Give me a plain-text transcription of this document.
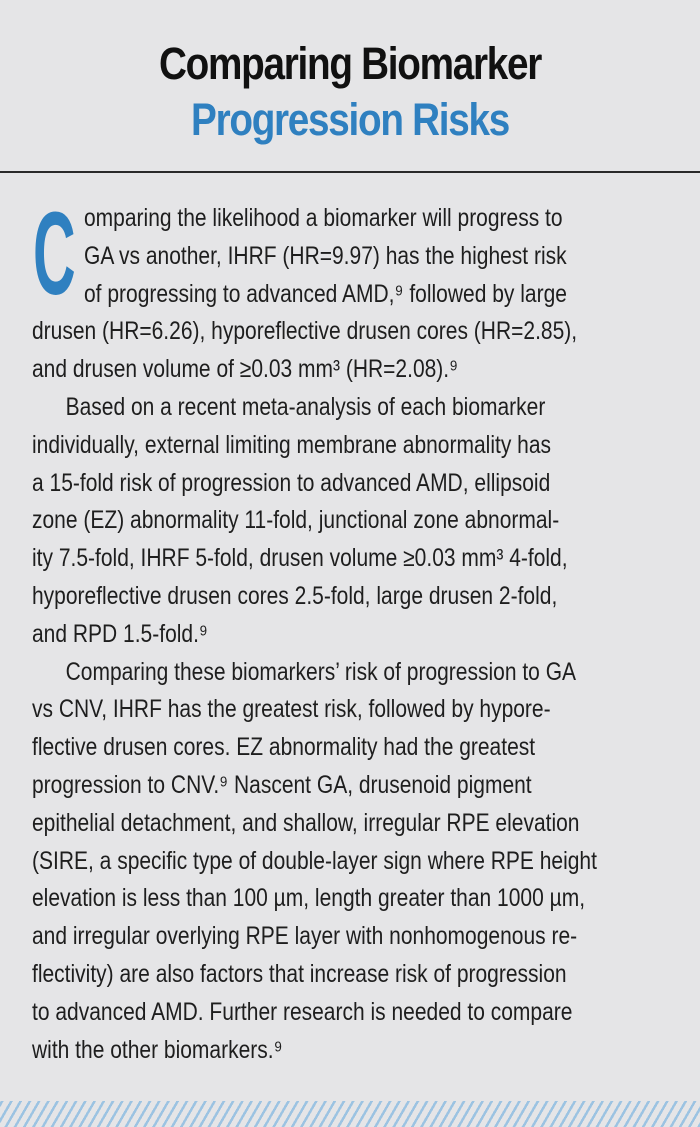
Comparing Biomarker
Progression Risks
C omparing the likelihood a biomarker will progress to
GA vs another, IHRF (HR=9.97) has the highest risk
of progressing to advanced AMD,⁹ followed by large
drusen (HR=6.26), hyporeflective drusen cores (HR=2.85),
and drusen volume of ≥0.03 mm³ (HR=2.08).⁹
Based on a recent meta-analysis of each biomarker
individually, external limiting membrane abnormality has
a 15-fold risk of progression to advanced AMD, ellipsoid
zone (EZ) abnormality 11-fold, junctional zone abnormal-
ity 7.5-fold, IHRF 5-fold, drusen volume ≥0.03 mm³ 4-fold,
hyporeflective drusen cores 2.5-fold, large drusen 2-fold,
and RPD 1.5-fold.⁹
Comparing these biomarkers’ risk of progression to GA
vs CNV, IHRF has the greatest risk, followed by hypore-
flective drusen cores. EZ abnormality had the greatest
progression to CNV.⁹ Nascent GA, drusenoid pigment
epithelial detachment, and shallow, irregular RPE elevation
(SIRE, a specific type of double-layer sign where RPE height
elevation is less than 100 µm, length greater than 1000 µm,
and irregular overlying RPE layer with nonhomogenous re-
flectivity) are also factors that increase risk of progression
to advanced AMD. Further research is needed to compare
with the other biomarkers.⁹
